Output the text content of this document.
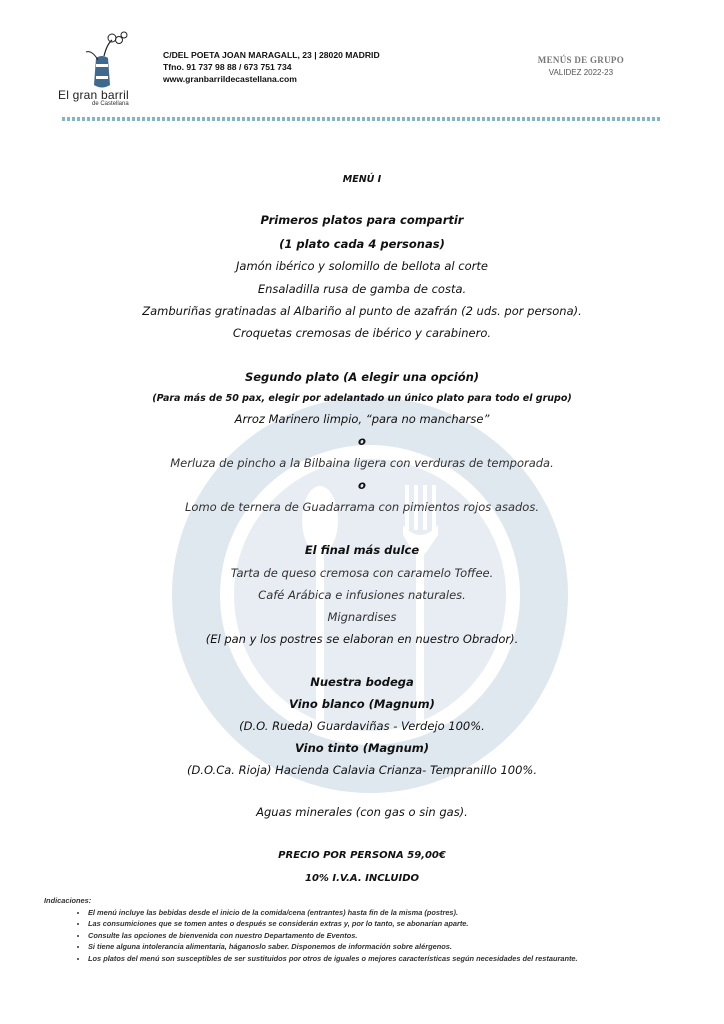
El gran barril
de Castellana
C/DEL POETA JOAN MARAGALL, 23 | 28020 MADRID
Tfno. 91 737 98 88 / 673 751 734
www.granbarrildecastellana.com
MENÚS DE GRUPO
VALIDEZ 2022-23
MENÚ I
Primeros platos para compartir
(1 plato cada 4 personas)
Jamón ibérico y solomillo de bellota al corte
Ensaladilla rusa de gamba de costa.
Zamburiñas gratinadas al Albariño al punto de azafrán (2 uds. por persona).
Croquetas cremosas de ibérico y carabinero.
Segundo plato (A elegir una opción)
(Para más de 50 pax, elegir por adelantado un único plato para todo el grupo)
Arroz Marinero limpio, “para no mancharse”
o
Merluza de pincho a la Bilbaina ligera con verduras de temporada.
o
Lomo de ternera de Guadarrama con pimientos rojos asados.
El final más dulce
Tarta de queso cremosa con caramelo Toffee.
Café Arábica e infusiones naturales.
Mignardises
(El pan y los postres se elaboran en nuestro Obrador).
Nuestra bodega
Vino blanco (Magnum)
(D.O. Rueda) Guardaviñas - Verdejo 100%.
Vino tinto (Magnum)
(D.O.Ca. Rioja) Hacienda Calavia Crianza- Tempranillo 100%.
Aguas minerales (con gas o sin gas).
PRECIO POR PERSONA 59,00€
10% I.V.A. INCLUIDO
Indicaciones:
• El menú incluye las bebidas desde el inicio de la comida/cena (entrantes) hasta fin de la misma (postres).
• Las consumiciones que se tomen antes o después se considerán extras y, por lo tanto, se abonarían aparte.
• Consulte las opciones de bienvenida con nuestro Departamento de Eventos.
• Si tiene alguna intolerancia alimentaria, háganoslo saber. Disponemos de información sobre alérgenos.
• Los platos del menú son susceptibles de ser sustituidos por otros de iguales o mejores características según necesidades del restaurante.
